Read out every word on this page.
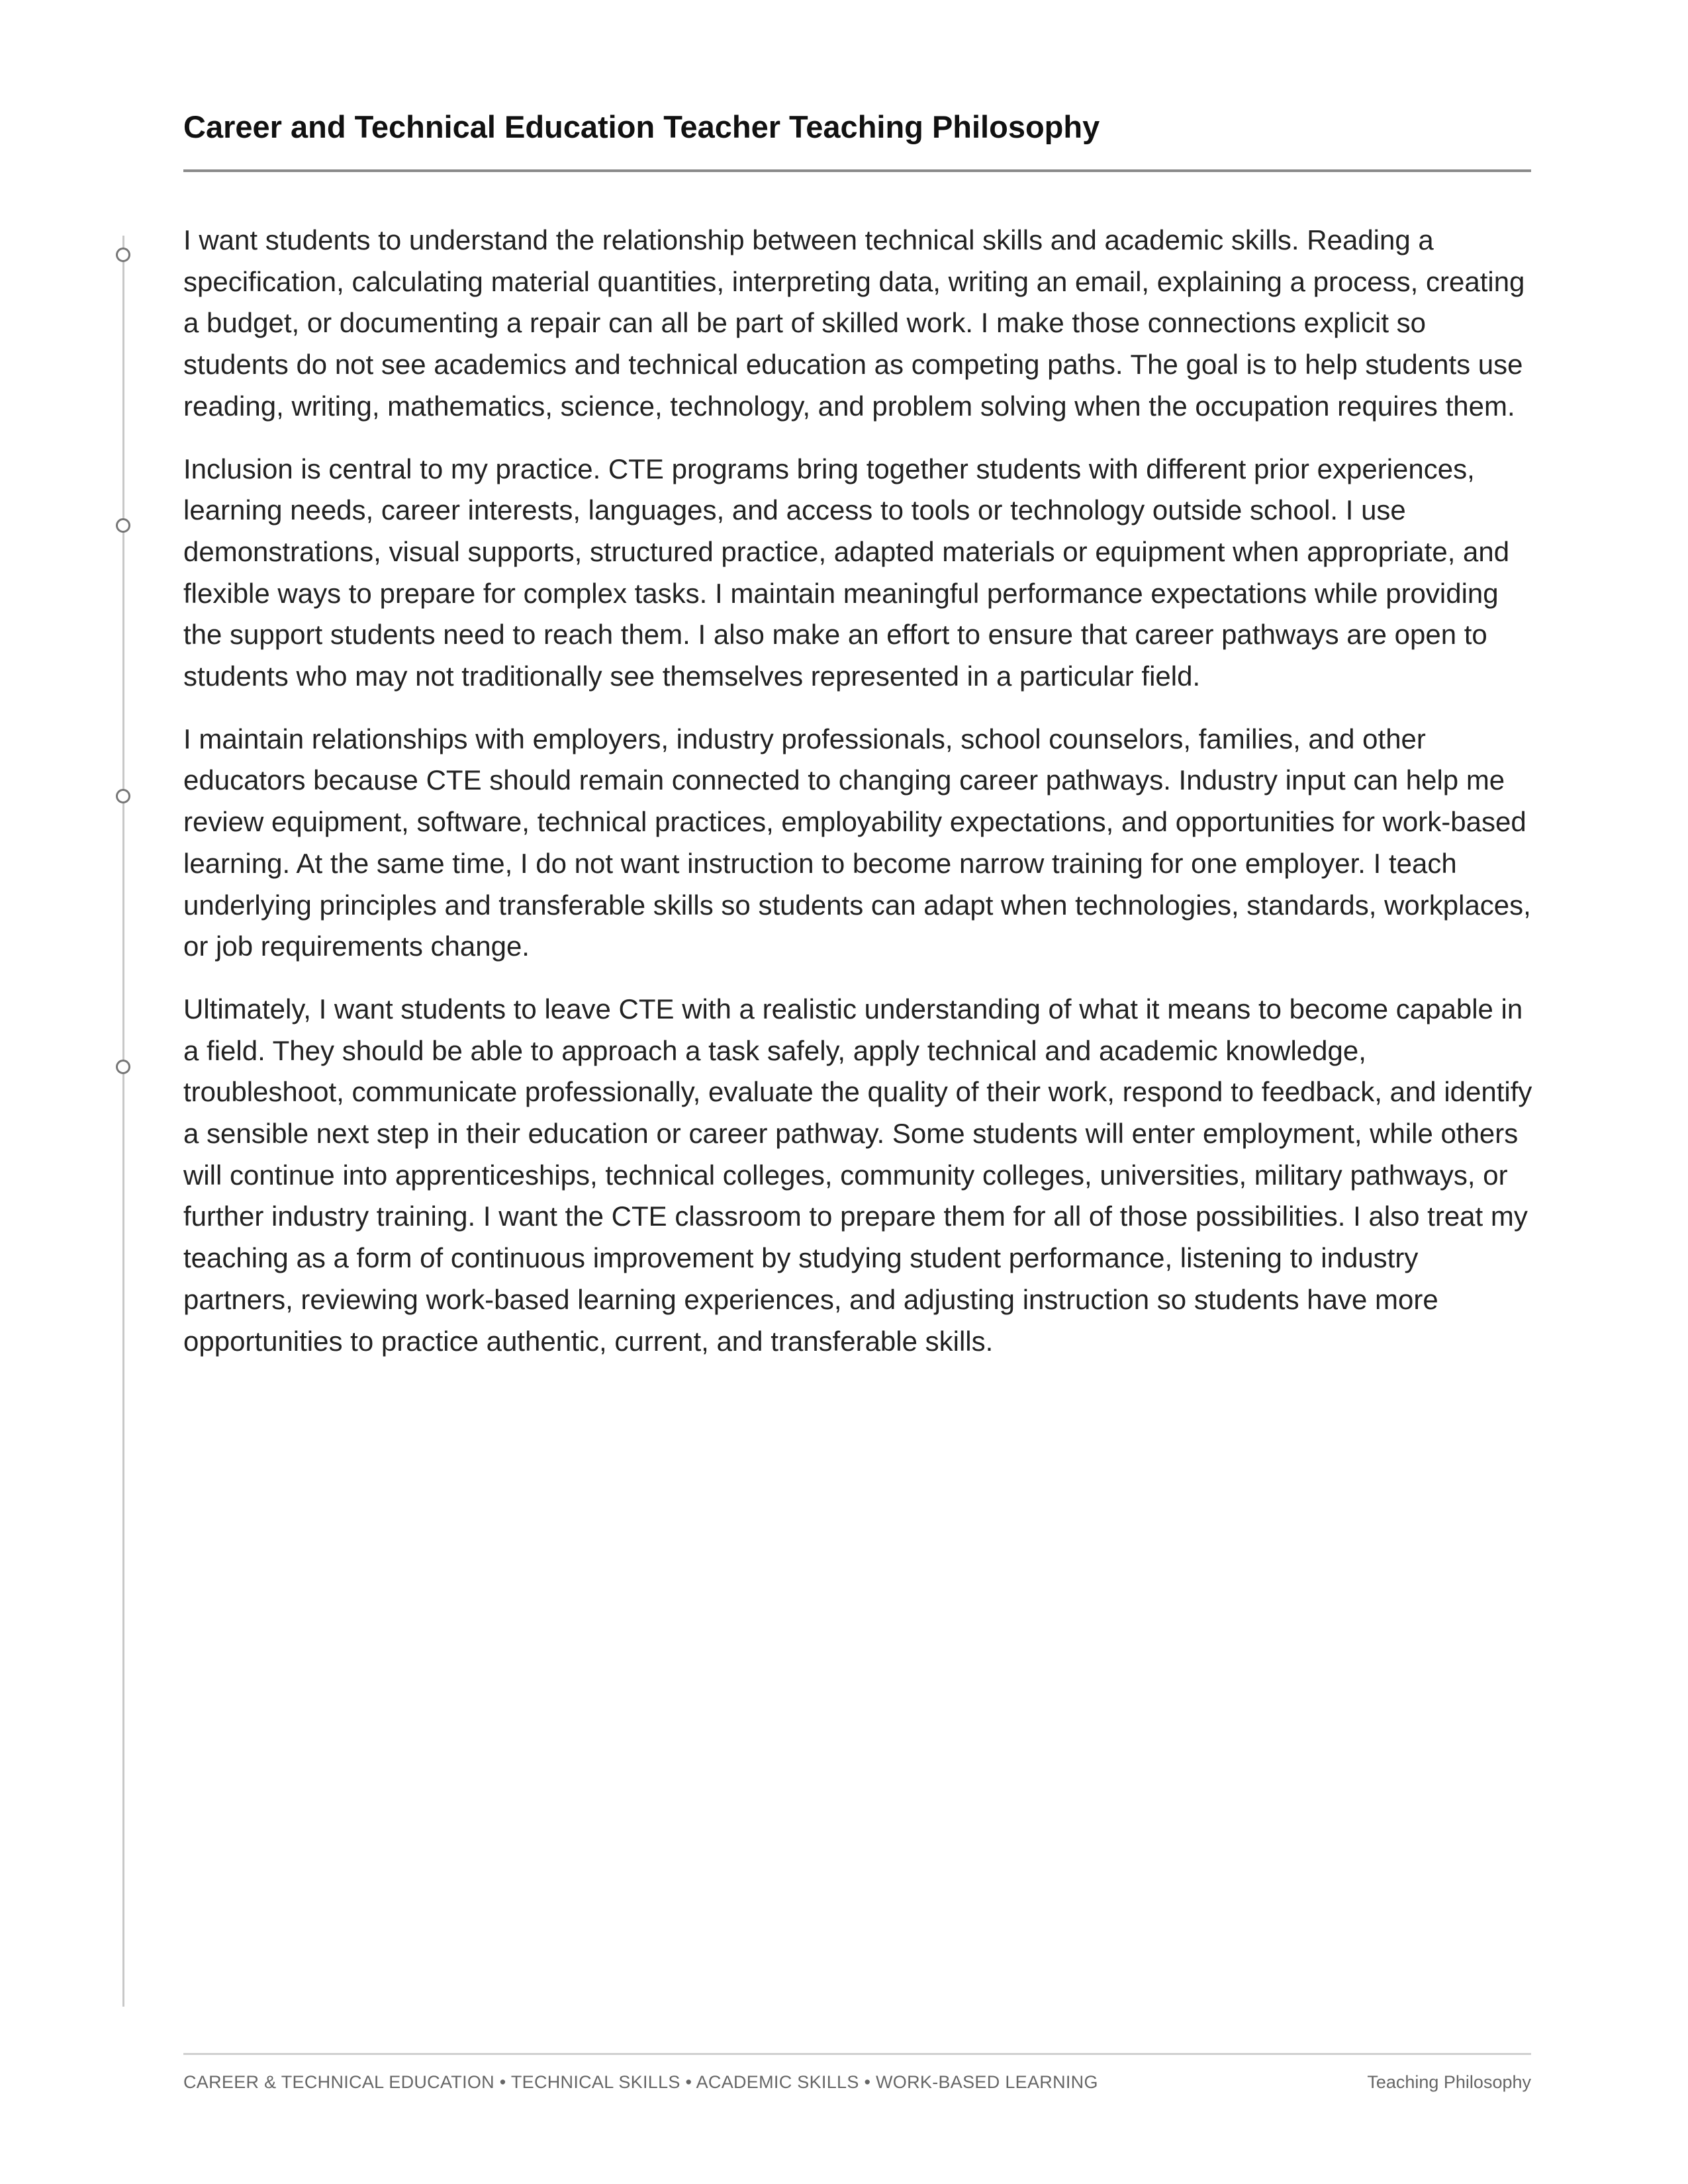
Career and Technical Education Teacher Teaching Philosophy

I want students to understand the relationship between technical skills and academic skills. Reading a specification, calculating material quantities, interpreting data, writing an email, explaining a process, creating a budget, or documenting a repair can all be part of skilled work. I make those connections explicit so students do not see academics and technical education as competing paths. The goal is to help students use reading, writing, mathematics, science, technology, and problem solving when the occupation requires them.

Inclusion is central to my practice. CTE programs bring together students with different prior experiences, learning needs, career interests, languages, and access to tools or technology outside school. I use demonstrations, visual supports, structured practice, adapted materials or equipment when appropriate, and flexible ways to prepare for complex tasks. I maintain meaningful performance expectations while providing the support students need to reach them. I also make an effort to ensure that career pathways are open to students who may not traditionally see themselves represented in a particular field.

I maintain relationships with employers, industry professionals, school counselors, families, and other educators because CTE should remain connected to changing career pathways. Industry input can help me review equipment, software, technical practices, employability expectations, and opportunities for work-based learning. At the same time, I do not want instruction to become narrow training for one employer. I teach underlying principles and transferable skills so students can adapt when technologies, standards, workplaces, or job requirements change.

Ultimately, I want students to leave CTE with a realistic understanding of what it means to become capable in a field. They should be able to approach a task safely, apply technical and academic knowledge, troubleshoot, communicate professionally, evaluate the quality of their work, respond to feedback, and identify a sensible next step in their education or career pathway. Some students will enter employment, while others will continue into apprenticeships, technical colleges, community colleges, universities, military pathways, or further industry training. I want the CTE classroom to prepare them for all of those possibilities. I also treat my teaching as a form of continuous improvement by studying student performance, listening to industry partners, reviewing work-based learning experiences, and adjusting instruction so students have more opportunities to practice authentic, current, and transferable skills.

CAREER & TECHNICAL EDUCATION • TECHNICAL SKILLS • ACADEMIC SKILLS • WORK-BASED LEARNING	Teaching Philosophy
